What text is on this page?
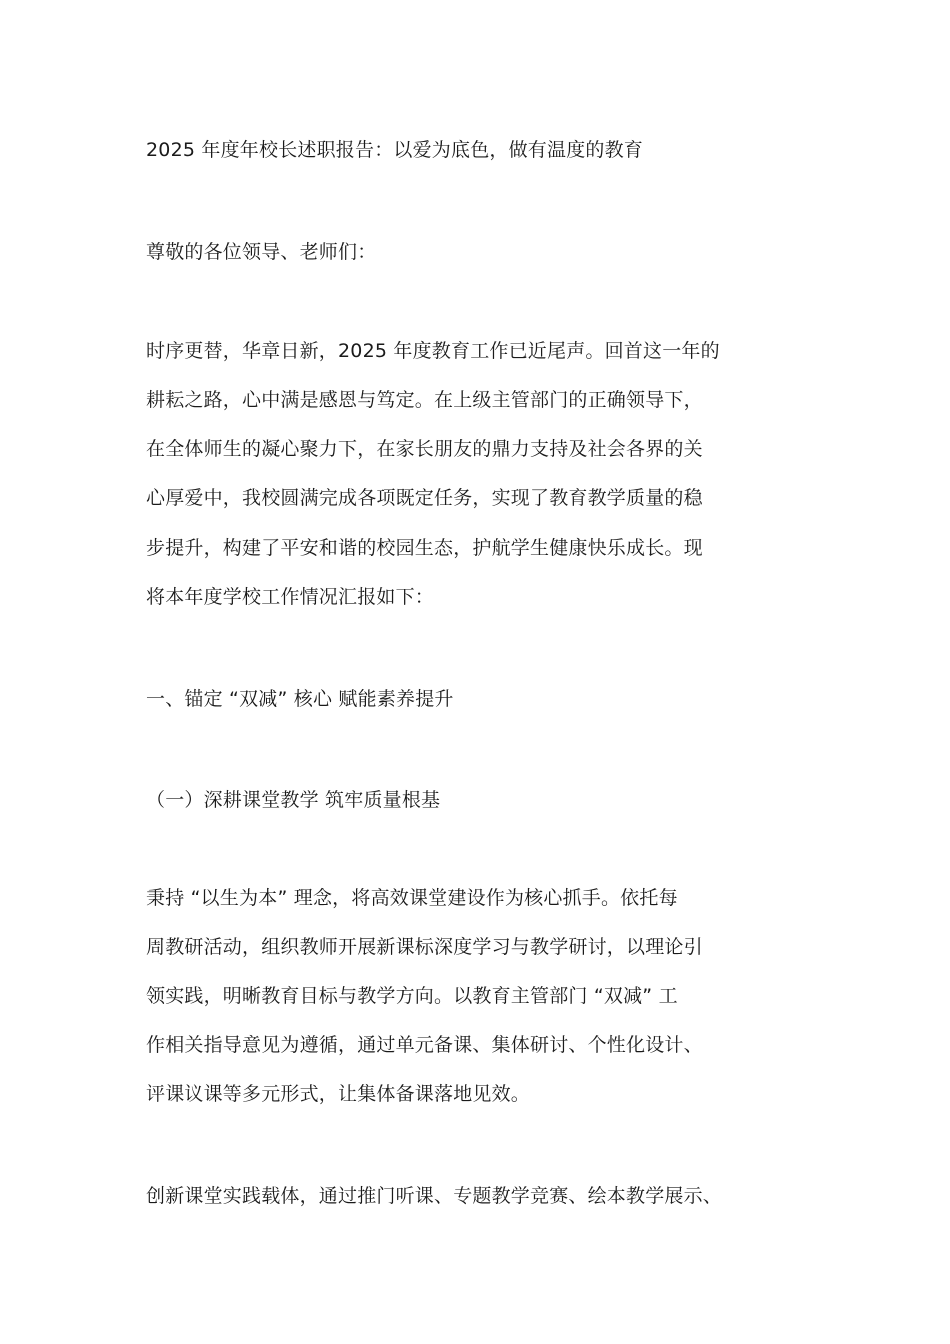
2025 年度年校长述职报告：以爱为底色，做有温度的教育
尊敬的各位领导、老师们：
时序更替，华章日新，2025 年度教育工作已近尾声。回首这一年的
耕耘之路，心中满是感恩与笃定。在上级主管部门的正确领导下，
在全体师生的凝心聚力下，在家长朋友的鼎力支持及社会各界的关
心厚爱中，我校圆满完成各项既定任务，实现了教育教学质量的稳
步提升，构建了平安和谐的校园生态，护航学生健康快乐成长。现
将本年度学校工作情况汇报如下：
一、锚定 “双减” 核心 赋能素养提升
（一）深耕课堂教学 筑牢质量根基
秉持 “以生为本” 理念，将高效课堂建设作为核心抓手。依托每
周教研活动，组织教师开展新课标深度学习与教学研讨，以理论引
领实践，明晰教育目标与教学方向。以教育主管部门 “双减” 工
作相关指导意见为遵循，通过单元备课、集体研讨、个性化设计、
评课议课等多元形式，让集体备课落地见效。
创新课堂实践载体，通过推门听课、专题教学竞赛、绘本教学展示、
